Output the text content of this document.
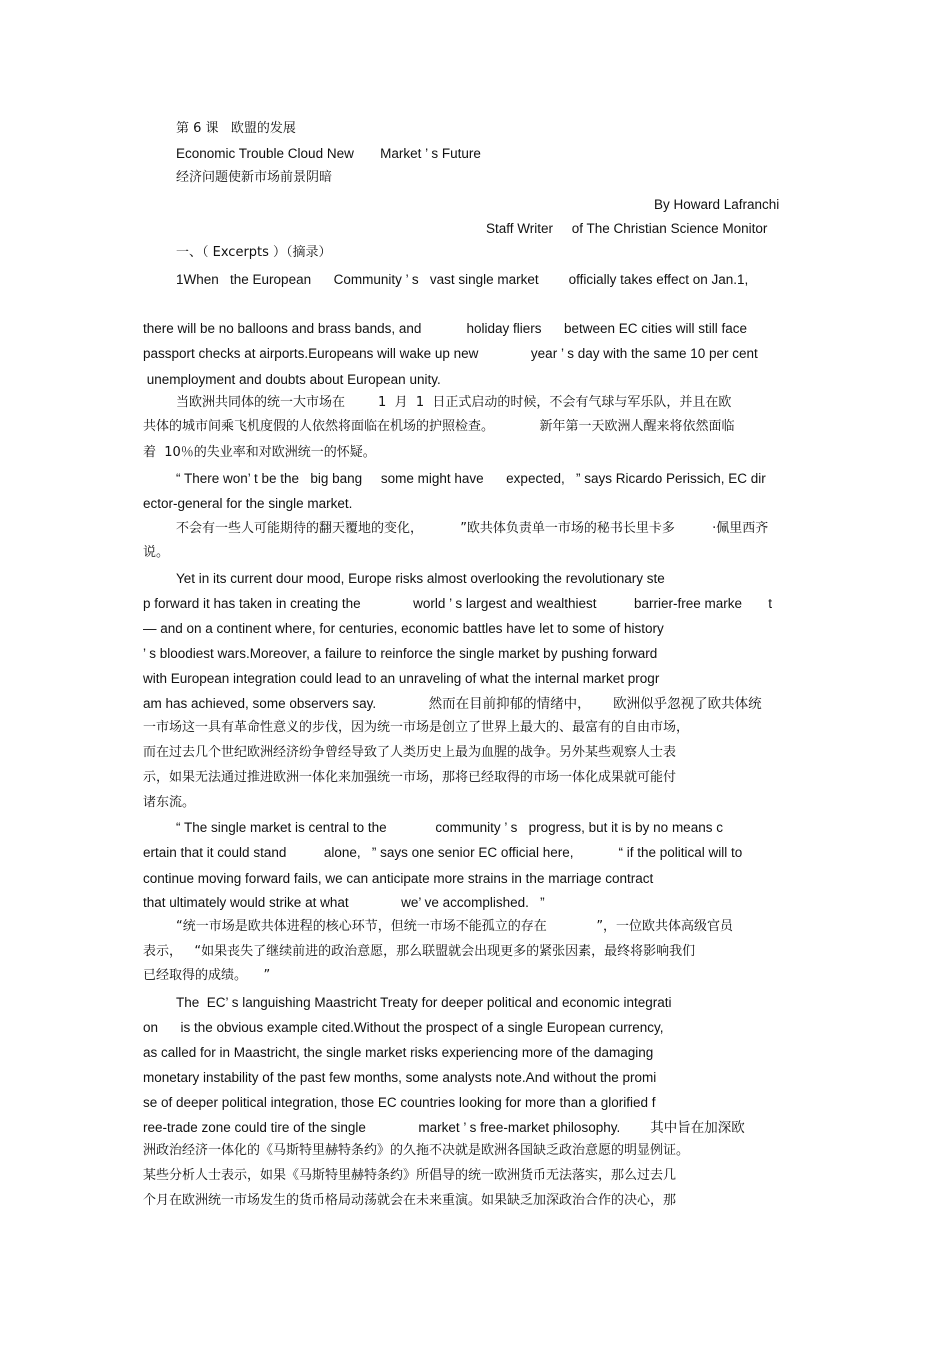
第 6 课   欧盟的发展
Economic Trouble Cloud New       Market ’ s Future
经济问题使新市场前景阴暗
By Howard Lafranchi
Staff Writer     of The Christian Science Monitor
一、（ Excerpts ）（摘录）
1When   the European      Community ’ s   vast single market        officially takes effect on Jan.1,
there will be no balloons and brass bands, and            holiday fliers      between EC cities will still face
passport checks at airports.Europeans will wake up new              year ’ s day with the same 10 per cent
unemployment and doubts about European unity.
当欧洲共同体的统一大市场在        1  月  1  日正式启动的时候，不会有气球与军乐队，并且在欧
共体的城市间乘飞机度假的人依然将面临在机场的护照检查。           新年第一天欧洲人醒来将依然面临
着  10％的失业率和对欧洲统一的怀疑。
“ There won’ t be the   big bang     some might have      expected,   ” says Ricardo Perissich, EC dir
ector-general for the single market.
不会有一些人可能期待的翻天覆地的变化，         ”欧共体负责单一市场的秘书长里卡多         ·佩里西齐
说。
Yet in its current dour mood, Europe risks almost overlooking the revolutionary ste
p forward it has taken in creating the              world ’ s largest and wealthiest          barrier-free marke       t
— and on a continent where, for centuries, economic battles have let to some of history
’ s bloodiest wars.Moreover, a failure to reinforce the single market by pushing forward
with European integration could lead to an unraveling of what the internal market progr
am has achieved, some observers say.              然而在目前抑郁的情绪中，      欧洲似乎忽视了欧共体统
一市场这一具有革命性意义的步伐，因为统一市场是创立了世界上最大的、最富有的自由市场，
而在过去几个世纪欧洲经济纷争曾经导致了人类历史上最为血腥的战争。另外某些观察人士表
示，如果无法通过推进欧洲一体化来加强统一市场，那将已经取得的市场一体化成果就可能付
诸东流。
“ The single market is central to the             community ’ s   progress, but it is by no means c
ertain that it could stand          alone,   ” says one senior EC official here,            “ if the political will to
continue moving forward fails, we can anticipate more strains in the marriage contract
that ultimately would strike at what              we’ ve accomplished.   ”
“统一市场是欧共体进程的核心环节，但统一市场不能孤立的存在            ”，一位欧共体高级官员
表示，   “如果丧失了继续前进的政治意愿，那么联盟就会出现更多的紧张因素，最终将影响我们
已经取得的成绩。    ”
The  EC’ s languishing Maastricht Treaty for deeper political and economic integrati
on      is the obvious example cited.Without the prospect of a single European currency,
as called for in Maastricht, the single market risks experiencing more of the damaging
monetary instability of the past few months, some analysts note.And without the promi
se of deeper political integration, those EC countries looking for more than a glorified f
ree-trade zone could tire of the single              market ’ s free-market philosophy.        其中旨在加深欧
洲政治经济一体化的《马斯特里赫特条约》的久拖不决就是欧洲各国缺乏政治意愿的明显例证。
某些分析人士表示，如果《马斯特里赫特条约》所倡导的统一欧洲货币无法落实，那么过去几
个月在欧洲统一市场发生的货币格局动荡就会在未来重演。如果缺乏加深政治合作的决心，那
